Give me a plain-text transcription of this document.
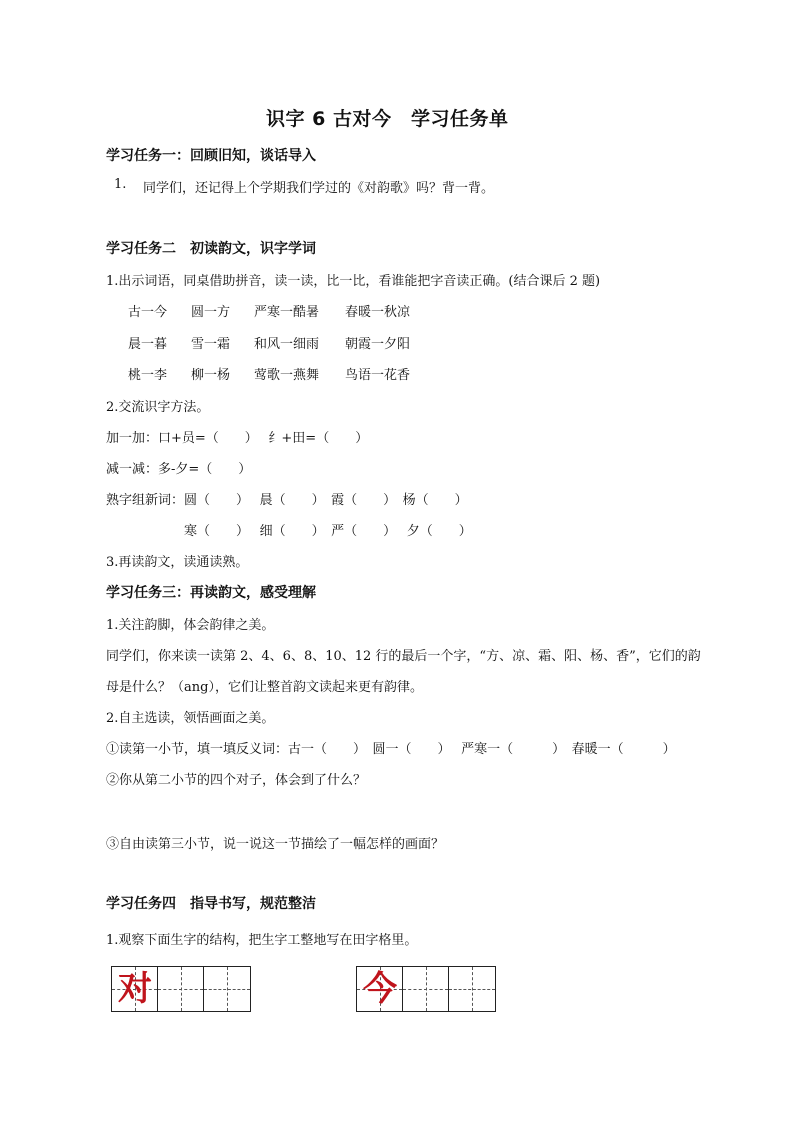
识字 6 古对今　学习任务单
学习任务一：回顾旧知，谈话导入
1. 同学们，还记得上个学期我们学过的《对韵歌》吗？背一背。
学习任务二　初读韵文，识字学词
1.出示词语，同桌借助拼音，读一读，比一比，看谁能把字音读正确。(结合课后 2 题)
古一今 圆一方 严寒一酷暑 春暖一秋凉
晨一暮 雪一霜 和风一细雨 朝霞一夕阳
桃一李 柳一杨 莺歌一燕舞 鸟语一花香
2.交流识字方法。
加一加：口+员=（　　）　 纟+田=（　　）
减一减：多-夕=（　　）
熟字组新词：圆（　　）　 晨（　　）　霞（　　）　杨（　　）
寒（　　）　 细（　　）　严（　　）　 夕（　　）
3.再读韵文，读通读熟。
学习任务三：再读韵文，感受理解
1.关注韵脚，体会韵律之美。
同学们，你来读一读第 2、4、6、8、10、12 行的最后一个字，“方、凉、霜、阳、杨、香”，它们的韵
母是什么？（ang），它们让整首韵文读起来更有韵律。
2.自主选读，领悟画面之美。
①读第一小节，填一填反义词：古一（　　）　圆一（　　）　 严寒一（　　　）　春暖一（　　　）
②你从第二小节的四个对子，体会到了什么？
③自由读第三小节，说一说这一节描绘了一幅怎样的画面？
学习任务四　指导书写，规范整洁
1.观察下面生字的结构，把生字工整地写在田字格里。
对	今
